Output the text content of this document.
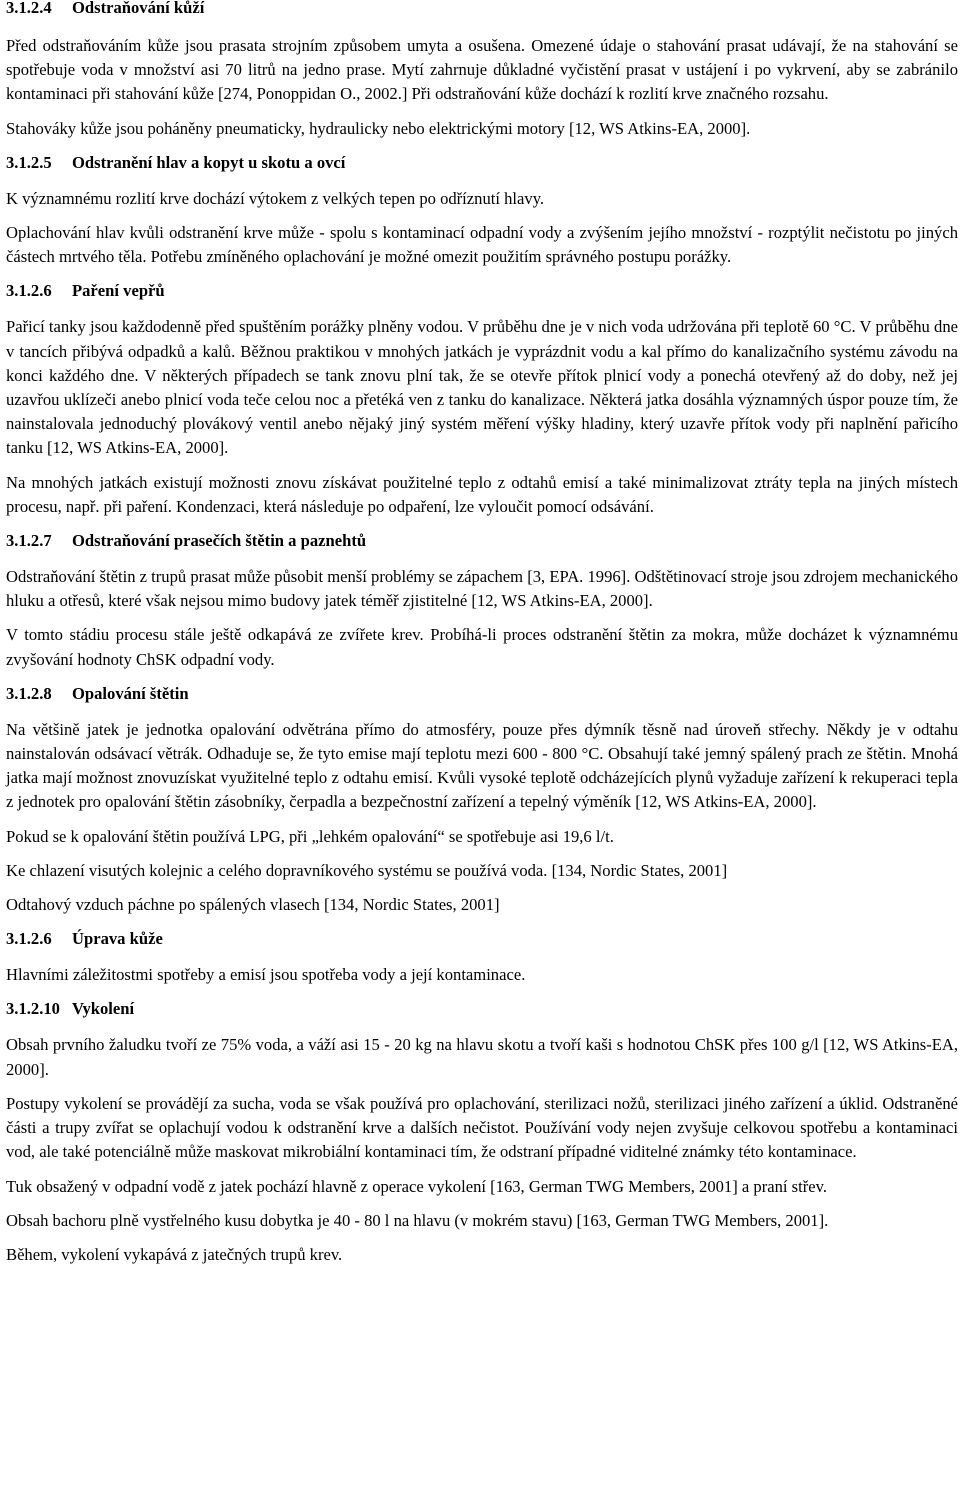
3.1.2.4 Odstraňování kůží

Před odstraňováním kůže jsou prasata strojním způsobem umyta a osušena. Omezené údaje o stahování prasat udávají, že na stahování se spotřebuje voda v množství asi 70 litrů na jedno prase. Mytí zahrnuje důkladné vyčistění prasat v ustájení i po vykrvení, aby se zabránilo kontaminaci při stahování kůže [274, Ponoppidan O., 2002.] Při odstraňování kůže dochází k rozlití krve značného rozsahu.

Stahováky kůže jsou poháněny pneumaticky, hydraulicky nebo elektrickými motory [12, WS Atkins-EA, 2000].

3.1.2.5 Odstranění hlav a kopyt u skotu a ovcí

K významnému rozlití krve dochází výtokem z velkých tepen po odříznutí hlavy.

Oplachování hlav kvůli odstranění krve může - spolu s kontaminací odpadní vody a zvýšením jejího množství - rozptýlit nečistotu po jiných částech mrtvého těla. Potřebu zmíněného oplachování je možné omezit použitím správného postupu porážky.

3.1.2.6 Paření vepřů

Pařicí tanky jsou každodenně před spuštěním porážky plněny vodou. V průběhu dne je v nich voda udržována při teplotě 60 °C. V průběhu dne v tancích přibývá odpadků a kalů. Běžnou praktikou v mnohých jatkách je vyprázdnit vodu a kal přímo do kanalizačního systému závodu na konci každého dne. V některých případech se tank znovu plní tak, že se otevře přítok plnicí vody a ponechá otevřený až do doby, než jej uzavřou uklízeči anebo plnicí voda teče celou noc a přetéká ven z tanku do kanalizace. Některá jatka dosáhla významných úspor pouze tím, že nainstalovala jednoduchý plovákový ventil anebo nějaký jiný systém měření výšky hladiny, který uzavře přítok vody při naplnění pařicího tanku [12, WS Atkins-EA, 2000].

Na mnohých jatkách existují možnosti znovu získávat použitelné teplo z odtahů emisí a také minimalizovat ztráty tepla na jiných místech procesu, např. při paření. Kondenzaci, která následuje po odpaření, lze vyloučit pomocí odsávání.

3.1.2.7 Odstraňování prasečích štětin a paznehtů

Odstraňování štětin z trupů prasat může působit menší problémy se zápachem [3, EPA. 1996]. Odštětinovací stroje jsou zdrojem mechanického hluku a otřesů, které však nejsou mimo budovy jatek téměř zjistitelné [12, WS Atkins-EA, 2000].

V tomto stádiu procesu stále ještě odkapává ze zvířete krev. Probíhá-li proces odstranění štětin za mokra, může docházet k významnému zvyšování hodnoty ChSK odpadní vody.

3.1.2.8 Opalování štětin

Na většině jatek je jednotka opalování odvětrána přímo do atmosféry, pouze přes dýmník těsně nad úroveň střechy. Někdy je v odtahu nainstalován odsávací větrák. Odhaduje se, že tyto emise mají teplotu mezi 600 - 800 °C. Obsahují také jemný spálený prach ze štětin. Mnohá jatka mají možnost znovuzískat využitelné teplo z odtahu emisí. Kvůli vysoké teplotě odcházejících plynů vyžaduje zařízení k rekuperaci tepla z jednotek pro opalování štětin zásobníky, čerpadla a bezpečnostní zařízení a tepelný výměník [12, WS Atkins-EA, 2000].

Pokud se k opalování štětin používá LPG, při „lehkém opalování“ se spotřebuje asi 19,6 l/t.

Ke chlazení visutých kolejnic a celého dopravníkového systému se používá voda. [134, Nordic States, 2001]

Odtahový vzduch páchne po spálených vlasech [134, Nordic States, 2001]

3.1.2.6 Úprava kůže

Hlavními záležitostmi spotřeby a emisí jsou spotřeba vody a její kontaminace.

3.1.2.10 Vykolení

Obsah prvního žaludku tvoří ze 75% voda, a váží asi 15 - 20 kg na hlavu skotu a tvoří kaši s hodnotou ChSK přes 100 g/l [12, WS Atkins-EA, 2000].

Postupy vykolení se provádějí za sucha, voda se však používá pro oplachování, sterilizaci nožů, sterilizaci jiného zařízení a úklid. Odstraněné části a trupy zvířat se oplachují vodou k odstranění krve a dalších nečistot. Používání vody nejen zvyšuje celkovou spotřebu a kontaminaci vod, ale také potenciálně může maskovat mikrobiální kontaminaci tím, že odstraní případné viditelné známky této kontaminace.

Tuk obsažený v odpadní vodě z jatek pochází hlavně z operace vykolení [163, German TWG Members, 2001] a praní střev.

Obsah bachoru plně vystřelného kusu dobytka je 40 - 80 l na hlavu (v mokrém stavu) [163, German TWG Members, 2001].

Během, vykolení vykapává z jatečných trupů krev.
